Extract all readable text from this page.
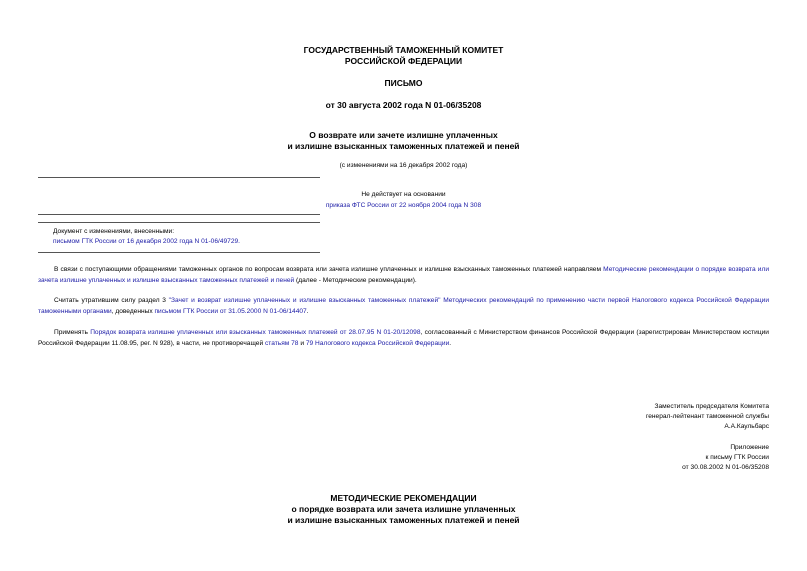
ГОСУДАРСТВЕННЫЙ ТАМОЖЕННЫЙ КОМИТЕТ
РОССИЙСКОЙ ФЕДЕРАЦИИ
ПИСЬМО
от 30 августа 2002 года N 01-06/35208
О возврате или зачете излишне уплаченных
и излишне взысканных таможенных платежей и пеней
(с изменениями на 16 декабря 2002 года)
Не действует на основании
приказа ФТС России от 22 ноября 2004 года N 308
Документ с изменениями, внесенными:
письмом ГТК России от 16 декабря 2002 года N 01-06/49729.
В связи с поступающими обращениями таможенных органов по вопросам возврата или зачета излишне уплаченных и излишне взысканных таможенных платежей направляем Методические рекомендации о порядке возврата или зачета излишне уплаченных и излишне взысканных таможенных платежей и пеней (далее - Методические рекомендации).
Считать утратившим силу раздел 3 "Зачет и возврат излишне уплаченных и излишне взысканных таможенных платежей" Методических рекомендаций по применению части первой Налогового кодекса Российской Федерации таможенными органами, доведенных письмом ГТК России от 31.05.2000 N 01-06/14407.
Применять Порядок возврата излишне уплаченных или взысканных таможенных платежей от 28.07.95 N 01-20/12098, согласованный с Министерством финансов Российской Федерации (зарегистрирован Министерством юстиции Российской Федерации 11.08.95, рег. N 928), в части, не противоречащей статьям 78 и 79 Налогового кодекса Российской Федерации.
Заместитель председателя Комитета
генерал-лейтенант таможенной службы
А.А.Каульбарс
Приложение
к письму ГТК России
от 30.08.2002 N 01-06/35208
МЕТОДИЧЕСКИЕ РЕКОМЕНДАЦИИ
о порядке возврата или зачета излишне уплаченных
и излишне взысканных таможенных платежей и пеней
